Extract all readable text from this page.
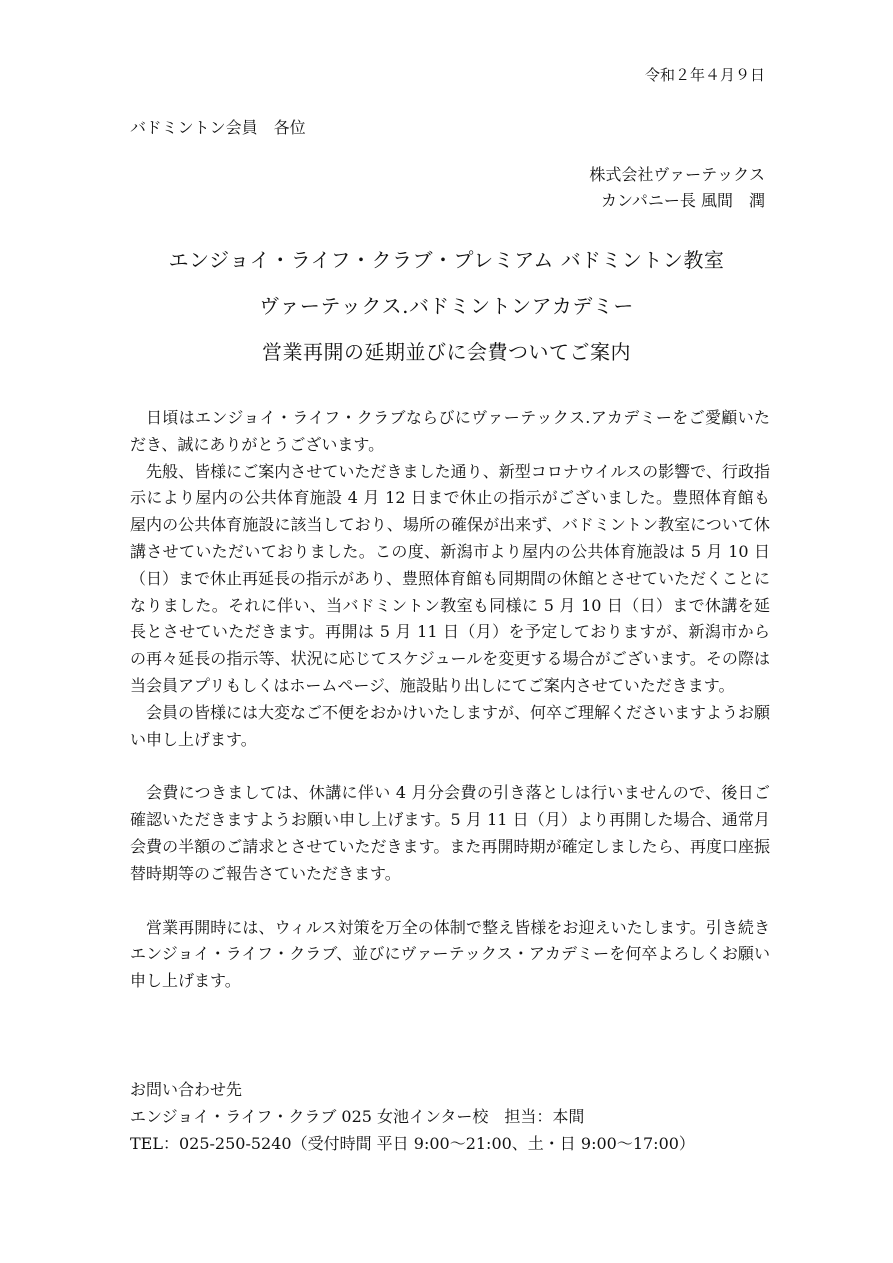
令和２年４月９日
バドミントン会員　各位
株式会社ヴァーテックス
カンパニー長 風間　潤
エンジョイ・ライフ・クラブ・プレミアム バドミントン教室
ヴァーテックス.バドミントンアカデミー
営業再開の延期並びに会費ついてご案内

日頃はエンジョイ・ライフ・クラブならびにヴァーテックス.アカデミーをご愛顧いただき、誠にありがとうございます。

先般、皆様にご案内させていただきました通り、新型コロナウイルスの影響で、行政指示により屋内の公共体育施設 4 月 12 日まで休止の指示がございました。豊照体育館も屋内の公共体育施設に該当しており、場所の確保が出来ず、バドミントン教室について休講させていただいておりました。この度、新潟市より屋内の公共体育施設は 5 月 10 日（日）まで休止再延長の指示があり、豊照体育館も同期間の休館とさせていただくことになりました。それに伴い、当バドミントン教室も同様に 5 月 10 日（日）まで休講を延長とさせていただきます。再開は 5 月 11 日（月）を予定しておりますが、新潟市からの再々延長の指示等、状況に応じてスケジュールを変更する場合がございます。その際は当会員アプリもしくはホームページ、施設貼り出しにてご案内させていただきます。

会員の皆様には大変なご不便をおかけいたしますが、何卒ご理解くださいますようお願い申し上げます。

会費につきましては、休講に伴い 4 月分会費の引き落としは行いませんので、後日ご確認いただきますようお願い申し上げます。5 月 11 日（月）より再開した場合、通常月会費の半額のご請求とさせていただきます。また再開時期が確定しましたら、再度口座振替時期等のご報告さていただきます。

営業再開時には、ウィルス対策を万全の体制で整え皆様をお迎えいたします。引き続きエンジョイ・ライフ・クラブ、並びにヴァーテックス・アカデミーを何卒よろしくお願い申し上げます。

お問い合わせ先
エンジョイ・ライフ・クラブ 025 女池インター校　担当：本間
TEL：025-250-5240（受付時間 平日 9:00～21:00、土・日 9:00～17:00）
